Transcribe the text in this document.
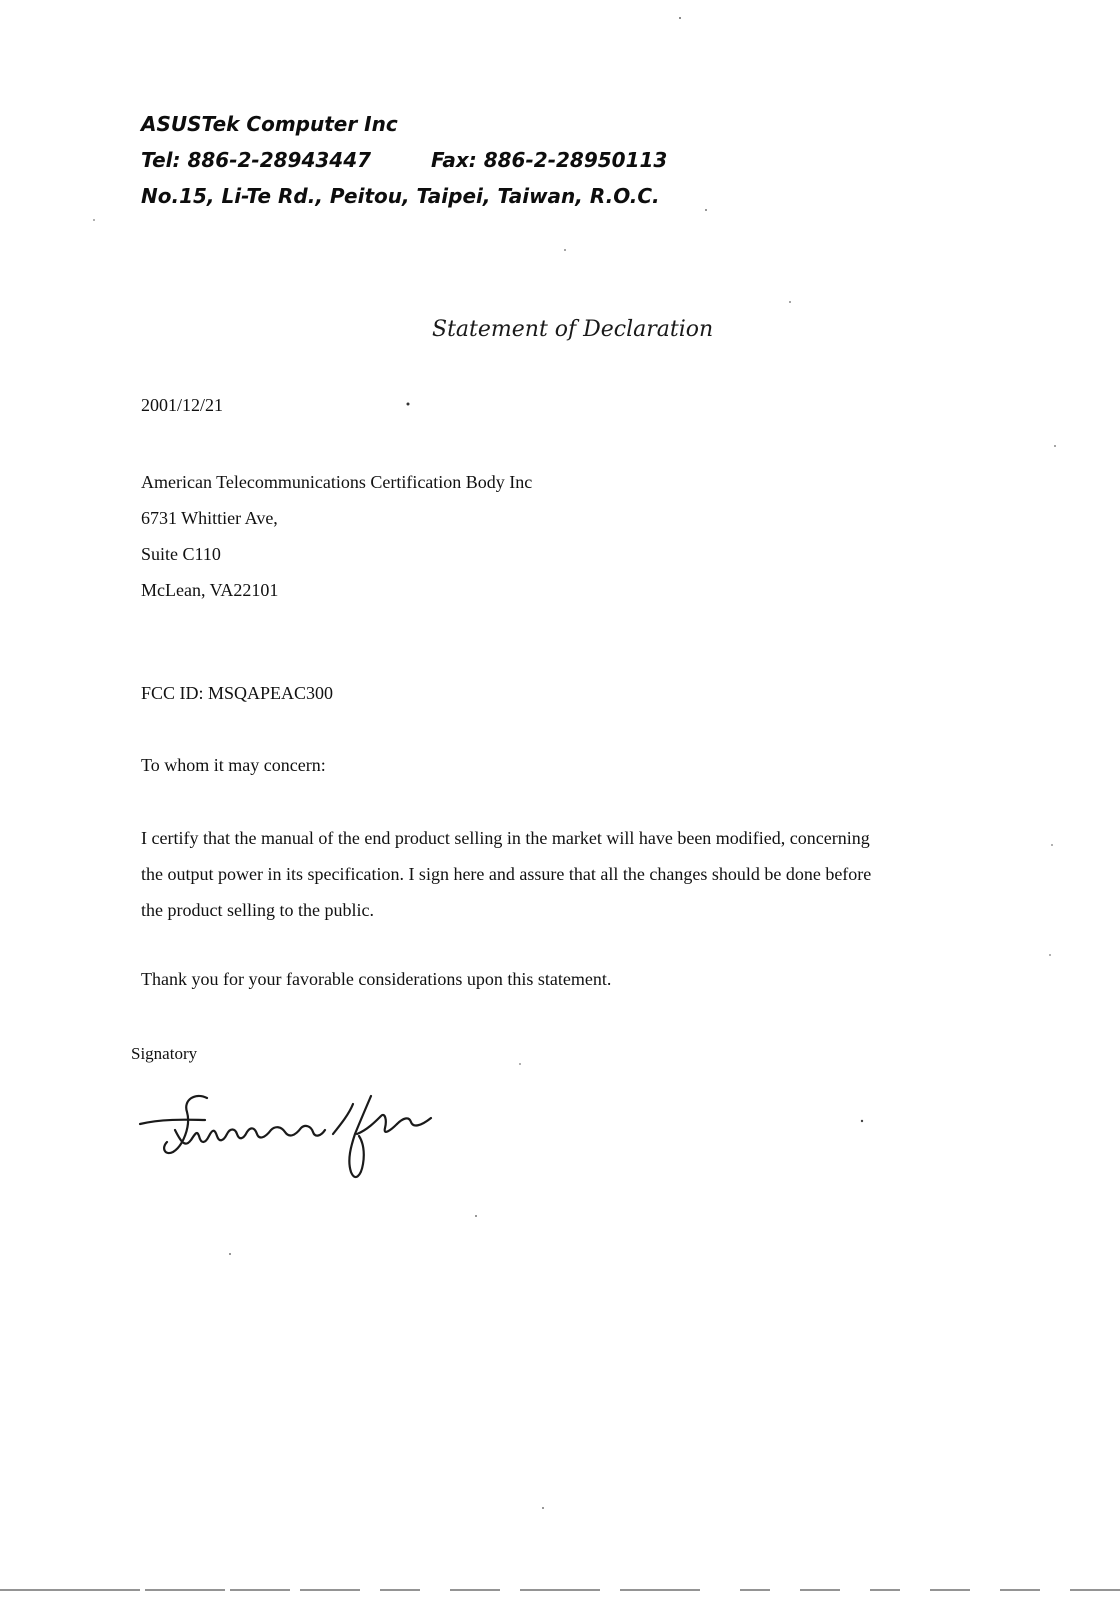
ASUSTek Computer Inc
Tel: 886-2-28943447	Fax: 886-2-28950113
No.15, Li-Te Rd., Peitou, Taipei, Taiwan, R.O.C.
Statement of Declaration
2001/12/21
American Telecommunications Certification Body Inc
6731 Whittier Ave,
Suite C110
McLean, VA22101
FCC ID: MSQAPEAC300
To whom it may concern:
I certify that the manual of the end product selling in the market will have been modified, concerning
the output power in its specification. I sign here and assure that all the changes should be done before
the product selling to the public.
Thank you for your favorable considerations upon this statement.
Signatory
